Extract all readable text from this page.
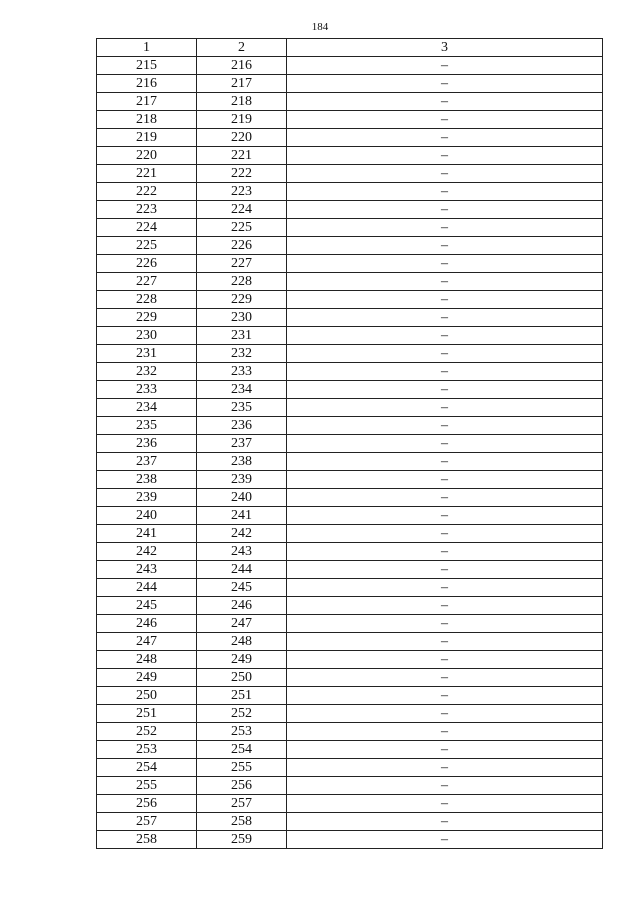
184
1	2	3
215	216	–
216	217	–
217	218	–
218	219	–
219	220	–
220	221	–
221	222	–
222	223	–
223	224	–
224	225	–
225	226	–
226	227	–
227	228	–
228	229	–
229	230	–
230	231	–
231	232	–
232	233	–
233	234	–
234	235	–
235	236	–
236	237	–
237	238	–
238	239	–
239	240	–
240	241	–
241	242	–
242	243	–
243	244	–
244	245	–
245	246	–
246	247	–
247	248	–
248	249	–
249	250	–
250	251	–
251	252	–
252	253	–
253	254	–
254	255	–
255	256	–
256	257	–
257	258	–
258	259	–
